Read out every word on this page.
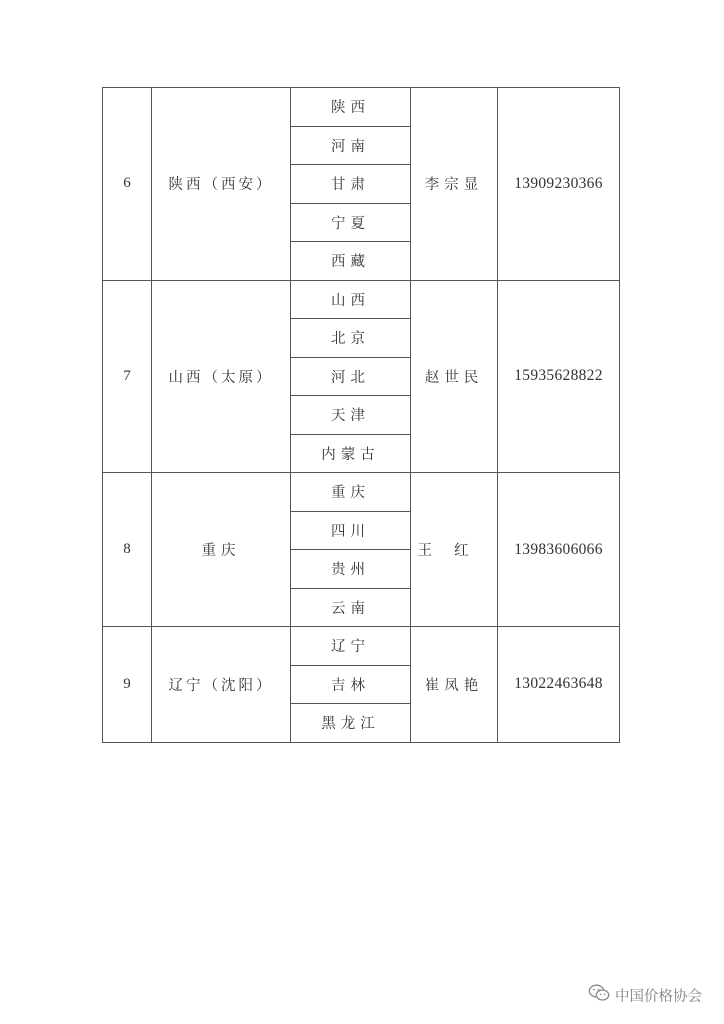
6	陕西（西安）	陕西	李宗显	13909230366
		河南		
		甘肃		
		宁夏		
		西藏		
7	山西（太原）	山西	赵世民	15935628822
		北京		
		河北		
		天津		
		内蒙古		
8	重庆	重庆	王红	13983606066
		四川		
		贵州		
		云南		
9	辽宁（沈阳）	辽宁	崔凤艳	13022463648
		吉林		
		黑龙江		
中国价格协会
